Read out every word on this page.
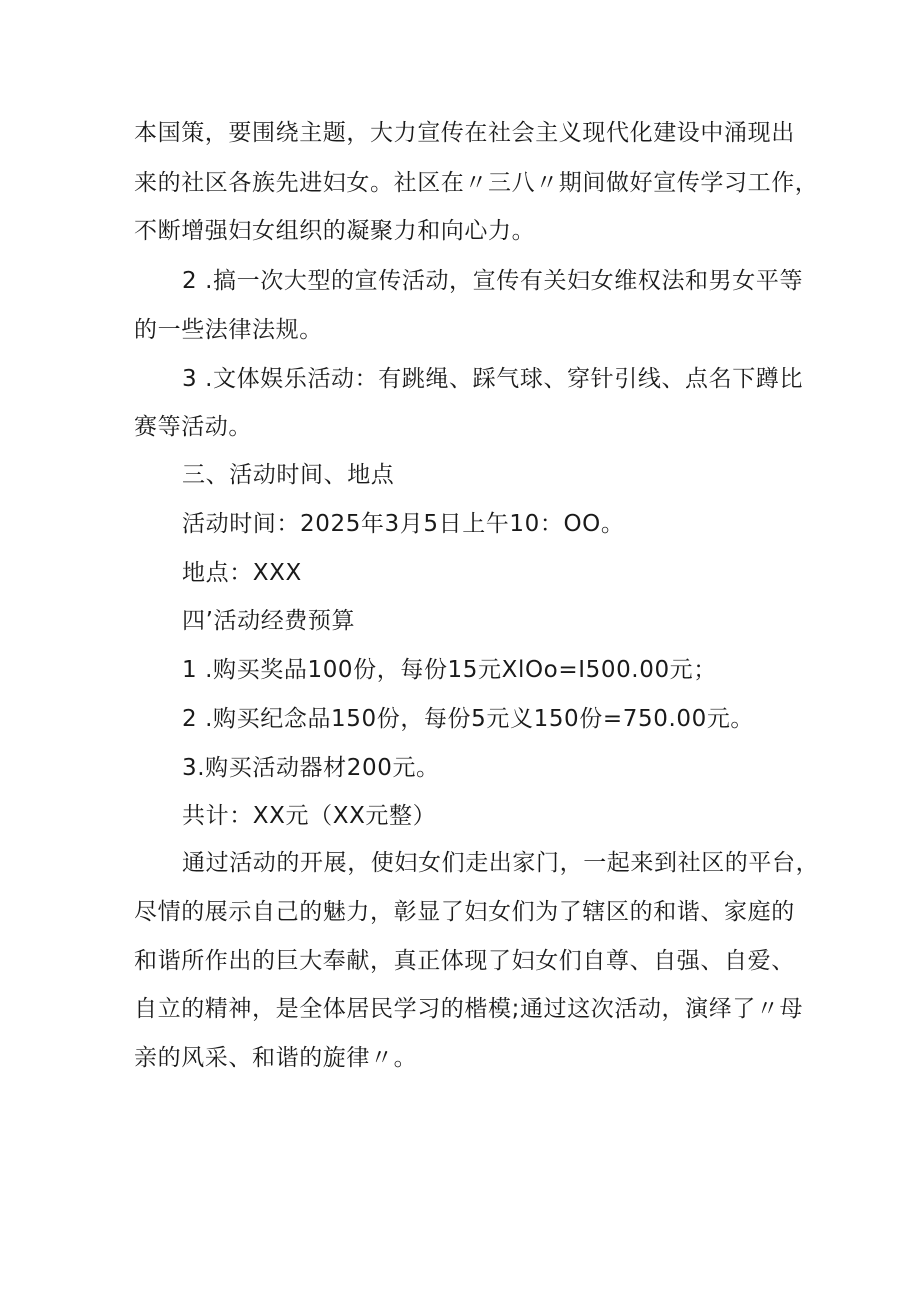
本国策，要围绕主题，大力宣传在社会主义现代化建设中涌现出
来的社区各族先进妇女。社区在〃三八〃期间做好宣传学习工作，
不断增强妇女组织的凝聚力和向心力。
2 .搞一次大型的宣传活动，宣传有关妇女维权法和男女平等
的一些法律法规。
3 .文体娱乐活动：有跳绳、踩气球、穿针引线、点名下蹲比
赛等活动。
三、活动时间、地点
活动时间：2025年3月5日上午10：OO。
地点：XXX
四’活动经费预算
1 .购买奖品100份，每份15元XlOo=I500.00元；
2 .购买纪念品150份，每份5元义150份=750.00元。
3.购买活动器材200元。
共计：XX元（XX元整）
通过活动的开展，使妇女们走出家门，一起来到社区的平台，
尽情的展示自己的魅力，彰显了妇女们为了辖区的和谐、家庭的
和谐所作出的巨大奉献，真正体现了妇女们自尊、自强、自爱、
自立的精神，是全体居民学习的楷模;通过这次活动，演绎了〃母
亲的风采、和谐的旋律〃。
